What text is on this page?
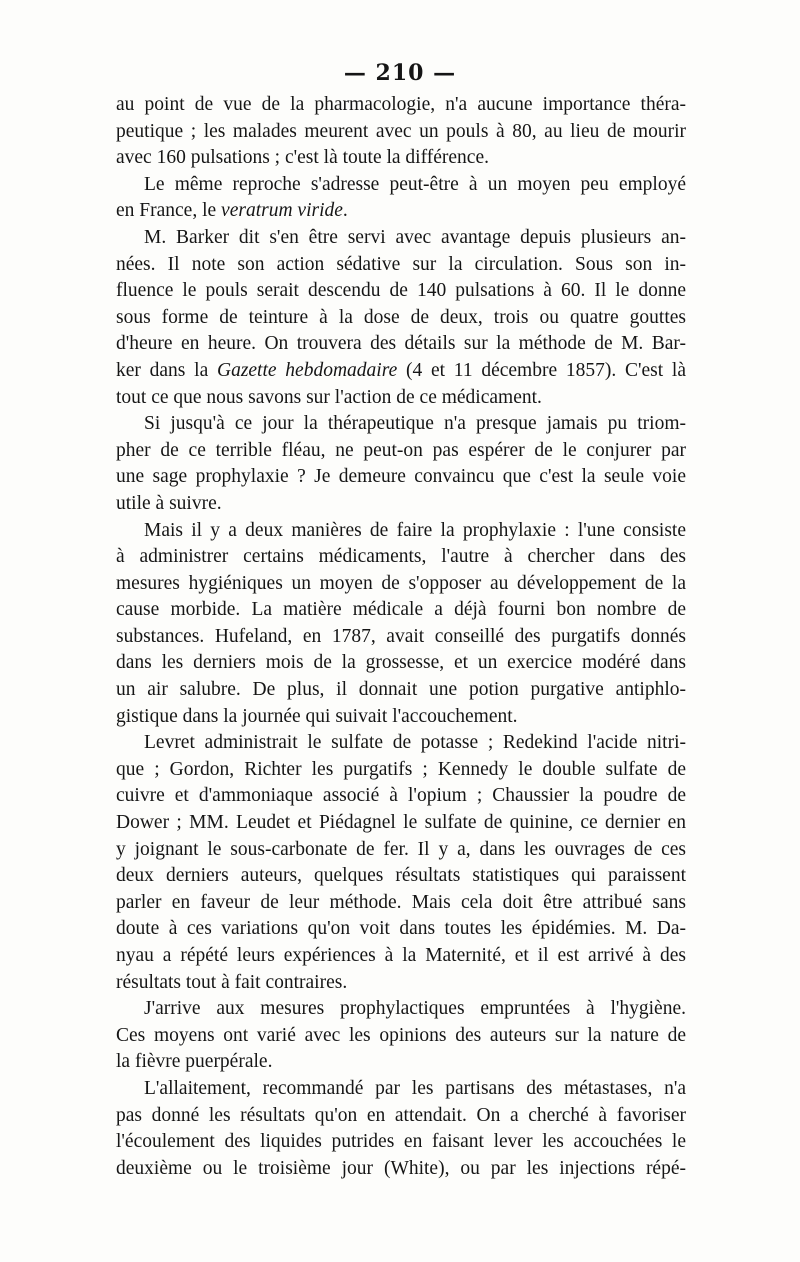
— 210 —
au point de vue de la pharmacologie, n'a aucune importance théra-
peutique ; les malades meurent avec un pouls à 80, au lieu de mourir
avec 160 pulsations ; c'est là toute la différence.
Le même reproche s'adresse peut-être à un moyen peu employé
en France, le veratrum viride.
M. Barker dit s'en être servi avec avantage depuis plusieurs an-
nées. Il note son action sédative sur la circulation. Sous son in-
fluence le pouls serait descendu de 140 pulsations à 60. Il le donne
sous forme de teinture à la dose de deux, trois ou quatre gouttes
d'heure en heure. On trouvera des détails sur la méthode de M. Bar-
ker dans la Gazette hebdomadaire (4 et 11 décembre 1857). C'est là
tout ce que nous savons sur l'action de ce médicament.
Si jusqu'à ce jour la thérapeutique n'a presque jamais pu triom-
pher de ce terrible fléau, ne peut-on pas espérer de le conjurer par
une sage prophylaxie ? Je demeure convaincu que c'est la seule voie
utile à suivre.
Mais il y a deux manières de faire la prophylaxie : l'une consiste
à administrer certains médicaments, l'autre à chercher dans des
mesures hygiéniques un moyen de s'opposer au développement de la
cause morbide. La matière médicale a déjà fourni bon nombre de
substances. Hufeland, en 1787, avait conseillé des purgatifs donnés
dans les derniers mois de la grossesse, et un exercice modéré dans
un air salubre. De plus, il donnait une potion purgative antiphlo-
gistique dans la journée qui suivait l'accouchement.
Levret administrait le sulfate de potasse ; Redekind l'acide nitri-
que ; Gordon, Richter les purgatifs ; Kennedy le double sulfate de
cuivre et d'ammoniaque associé à l'opium ; Chaussier la poudre de
Dower ; MM. Leudet et Piédagnel le sulfate de quinine, ce dernier en
y joignant le sous-carbonate de fer. Il y a, dans les ouvrages de ces
deux derniers auteurs, quelques résultats statistiques qui paraissent
parler en faveur de leur méthode. Mais cela doit être attribué sans
doute à ces variations qu'on voit dans toutes les épidémies. M. Da-
nyau a répété leurs expériences à la Maternité, et il est arrivé à des
résultats tout à fait contraires.
J'arrive aux mesures prophylactiques empruntées à l'hygiène.
Ces moyens ont varié avec les opinions des auteurs sur la nature de
la fièvre puerpérale.
L'allaitement, recommandé par les partisans des métastases, n'a
pas donné les résultats qu'on en attendait. On a cherché à favoriser
l'écoulement des liquides putrides en faisant lever les accouchées le
deuxième ou le troisième jour (White), ou par les injections répé-
